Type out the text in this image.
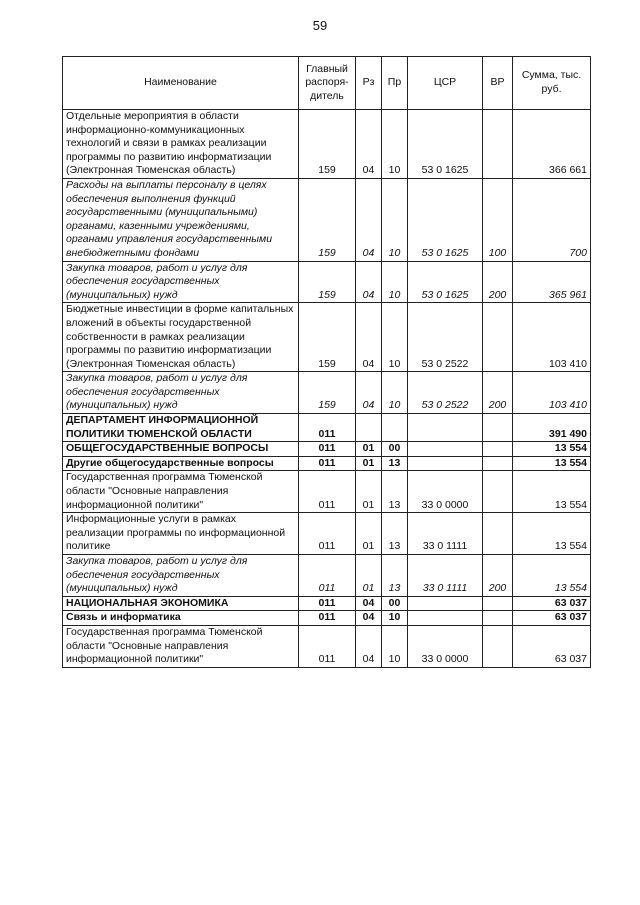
59
Наименование	Главный распоря-дитель	Рз	Пр	ЦСР	ВР	Сумма, тыс. руб.
Отдельные мероприятия в области информационно-коммуникационных технологий и связи в рамках реализации программы по развитию информатизации (Электронная Тюменская область)	159	04	10	53 0 1625		366 661
Расходы на выплаты персоналу в целях обеспечения выполнения функций государственными (муниципальными) органами, казенными учреждениями, органами управления государственными внебюджетными фондами	159	04	10	53 0 1625	100	700
Закупка товаров, работ и услуг для обеспечения государственных (муниципальных) нужд	159	04	10	53 0 1625	200	365 961
Бюджетные инвестиции в форме капитальных вложений в объекты государственной собственности в рамках реализации программы по развитию информатизации (Электронная Тюменская область)	159	04	10	53 0 2522		103 410
Закупка товаров, работ и услуг для обеспечения государственных (муниципальных) нужд	159	04	10	53 0 2522	200	103 410
ДЕПАРТАМЕНТ ИНФОРМАЦИОННОЙ ПОЛИТИКИ ТЮМЕНСКОЙ ОБЛАСТИ	011					391 490
ОБЩЕГОСУДАРСТВЕННЫЕ ВОПРОСЫ	011	01	00			13 554
Другие общегосударственные вопросы	011	01	13			13 554
Государственная программа Тюменской области "Основные направления информационной политики"	011	01	13	33 0 0000		13 554
Информационные услуги в рамках реализации программы по информационной политике	011	01	13	33 0 1111		13 554
Закупка товаров, работ и услуг для обеспечения государственных (муниципальных) нужд	011	01	13	33 0 1111	200	13 554
НАЦИОНАЛЬНАЯ ЭКОНОМИКА	011	04	00			63 037
Связь и информатика	011	04	10			63 037
Государственная программа Тюменской области "Основные направления информационной политики"	011	04	10	33 0 0000		63 037
